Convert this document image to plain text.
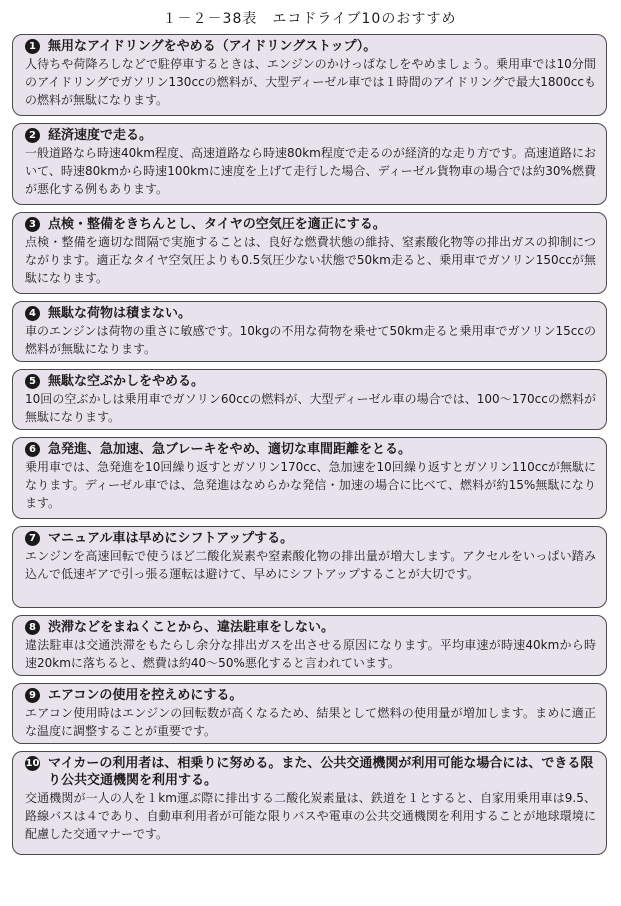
１－２－38表　エコドライブ10のおすすめ
1 無用なアイドリングをやめる（アイドリングストップ）。
人待ちや荷降ろしなどで駐停車するときは、エンジンのかけっぱなしをやめましょう。乗用車では10分間のアイドリングでガソリン130ccの燃料が、大型ディーゼル車では１時間のアイドリングで最大1800ccもの燃料が無駄になります。
2 経済速度で走る。
一般道路なら時速40km程度、高速道路なら時速80km程度で走るのが経済的な走り方です。高速道路において、時速80kmから時速100kmに速度を上げて走行した場合、ディーゼル貨物車の場合では約30%燃費が悪化する例もあります。
3 点検・整備をきちんとし、タイヤの空気圧を適正にする。
点検・整備を適切な間隔で実施することは、良好な燃費状態の維持、窒素酸化物等の排出ガスの抑制につながります。適正なタイヤ空気圧よりも0.5気圧少ない状態で50km走ると、乗用車でガソリン150ccが無駄になります。
4 無駄な荷物は積まない。
車のエンジンは荷物の重さに敏感です。10kgの不用な荷物を乗せて50km走ると乗用車でガソリン15ccの燃料が無駄になります。
5 無駄な空ぶかしをやめる。
10回の空ぶかしは乗用車でガソリン60ccの燃料が、大型ディーゼル車の場合では、100～170ccの燃料が無駄になります。
6 急発進、急加速、急ブレーキをやめ、適切な車間距離をとる。
乗用車では、急発進を10回繰り返すとガソリン170cc、急加速を10回繰り返すとガソリン110ccが無駄になります。ディーゼル車では、急発進はなめらかな発信・加速の場合に比べて、燃料が約15%無駄になります。
7 マニュアル車は早めにシフトアップする。
エンジンを高速回転で使うほど二酸化炭素や窒素酸化物の排出量が増大します。アクセルをいっぱい踏み込んで低速ギアで引っ張る運転は避けて、早めにシフトアップすることが大切です。
8 渋滞などをまねくことから、違法駐車をしない。
違法駐車は交通渋滞をもたらし余分な排出ガスを出させる原因になります。平均車速が時速40kmから時速20kmに落ちると、燃費は約40～50%悪化すると言われています。
9 エアコンの使用を控えめにする。
エアコン使用時はエンジンの回転数が高くなるため、結果として燃料の使用量が増加します。まめに適正な温度に調整することが重要です。
10 マイカーの利用者は、相乗りに努める。また、公共交通機関が利用可能な場合には、できる限り公共交通機関を利用する。
交通機関が一人の人を１km運ぶ際に排出する二酸化炭素量は、鉄道を１とすると、自家用乗用車は9.5、路線バスは４であり、自動車利用者が可能な限りバスや電車の公共交通機関を利用することが地球環境に配慮した交通マナーです。
